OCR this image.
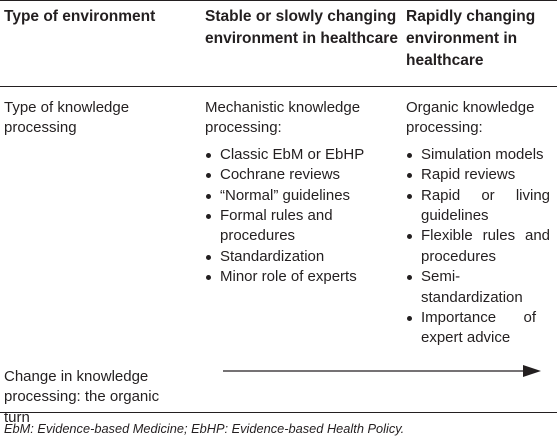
Type of environment	Stable or slowly changing environment in healthcare
Rapidly changing environment in healthcare
Type of knowledge processing
Mechanistic knowledge processing:
Classic EbM or EbHP
Cochrane reviews
“Normal” guidelines
Formal rules and procedures
Standardization
Minor role of experts
Organic knowledge processing:
Simulation models
Rapid reviews
Rapid or living guidelines
Flexible rules and procedures
Semi-standardization
Importance of expert advice
Change in knowledge processing: the organic turn
EbM: Evidence-based Medicine; EbHP: Evidence-based Health Policy.
